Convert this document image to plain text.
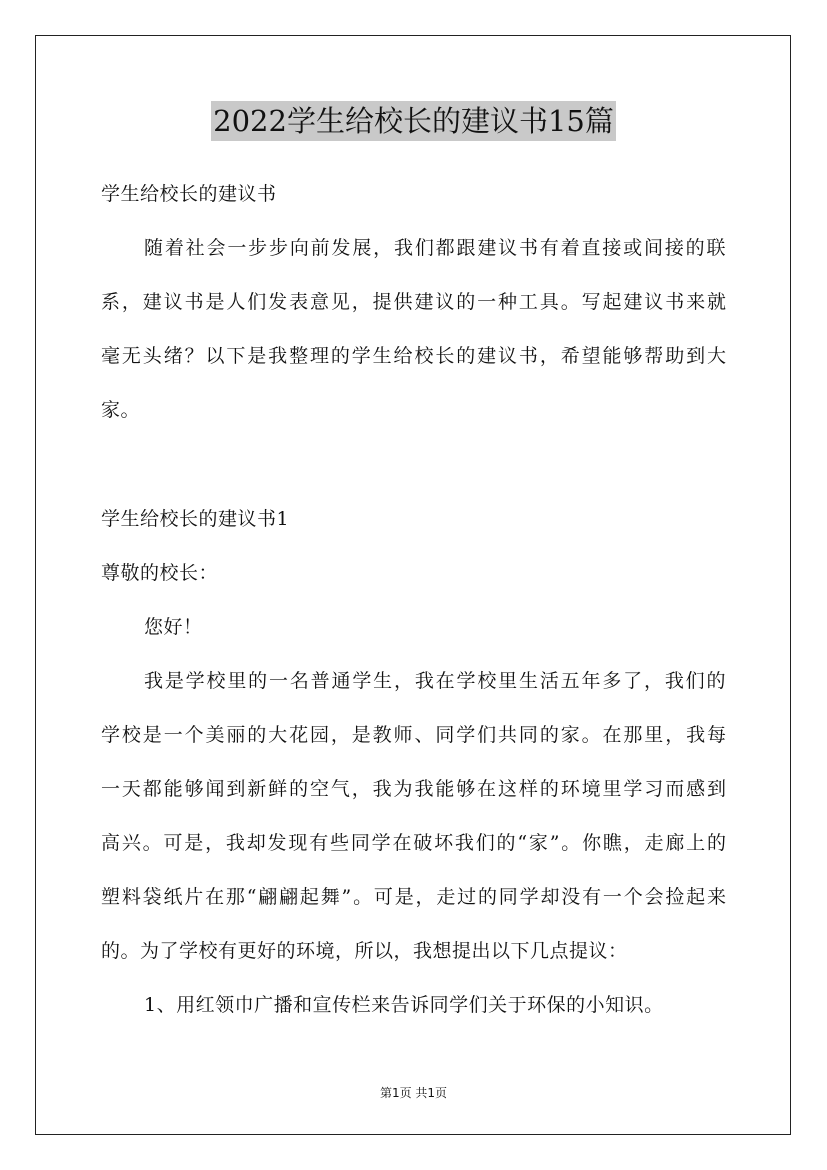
2022学生给校长的建议书15篇
学生给校长的建议书
随着社会一步步向前发展，我们都跟建议书有着直接或间接的联
系，建议书是人们发表意见，提供建议的一种工具。写起建议书来就
毫无头绪？以下是我整理的学生给校长的建议书，希望能够帮助到大
家。
学生给校长的建议书1
尊敬的校长：
您好！
我是学校里的一名普通学生，我在学校里生活五年多了，我们的
学校是一个美丽的大花园，是教师、同学们共同的家。在那里，我每
一天都能够闻到新鲜的空气，我为我能够在这样的环境里学习而感到
高兴。可是，我却发现有些同学在破坏我们的“家”。你瞧，走廊上的
塑料袋纸片在那“翩翩起舞”。可是，走过的同学却没有一个会捡起来
的。为了学校有更好的环境，所以，我想提出以下几点提议：
1、用红领巾广播和宣传栏来告诉同学们关于环保的小知识。
第1页 共1页
